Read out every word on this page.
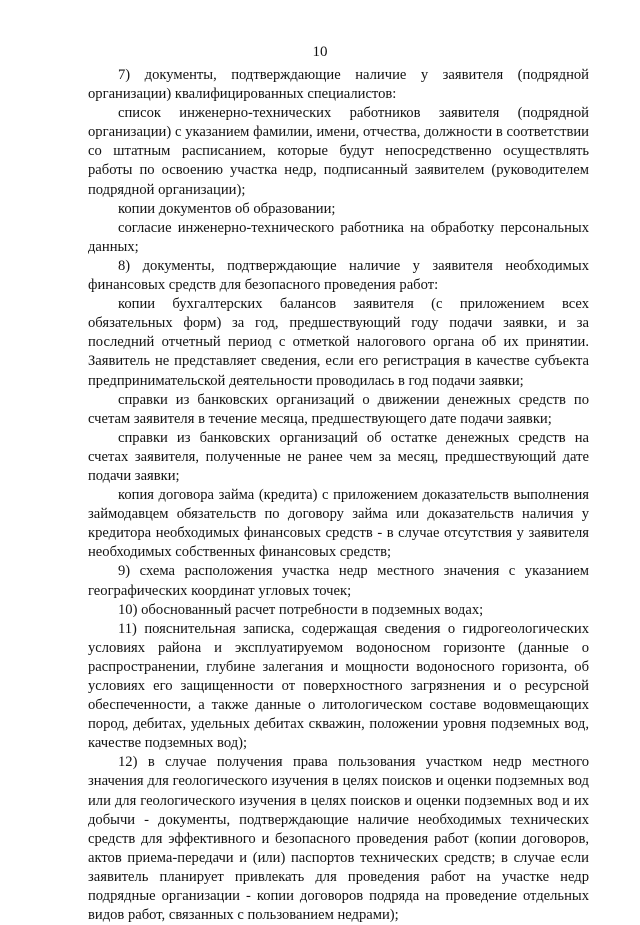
10

7) документы, подтверждающие наличие у заявителя (подрядной организации) квалифицированных специалистов:

список инженерно-технических работников заявителя (подрядной организации) с указанием фамилии, имени, отчества, должности в соответствии со штатным расписанием, которые будут непосредственно осуществлять работы по освоению участка недр, подписанный заявителем (руководителем подрядной организации);

копии документов об образовании;

согласие инженерно-технического работника на обработку персональных данных;

8) документы, подтверждающие наличие у заявителя необходимых финансовых средств для безопасного проведения работ:

копии бухгалтерских балансов заявителя (с приложением всех обязательных форм) за год, предшествующий году подачи заявки, и за последний отчетный период с отметкой налогового органа об их принятии. Заявитель не представляет сведения, если его регистрация в качестве субъекта предпринимательской деятельности проводилась в год подачи заявки;

справки из банковских организаций о движении денежных средств по счетам заявителя в течение месяца, предшествующего дате подачи заявки;

справки из банковских организаций об остатке денежных средств на счетах заявителя, полученные не ранее чем за месяц, предшествующий дате подачи заявки;

копия договора займа (кредита) с приложением доказательств выполнения займодавцем обязательств по договору займа или доказательств наличия у кредитора необходимых финансовых средств - в случае отсутствия у заявителя необходимых собственных финансовых средств;

9) схема расположения участка недр местного значения с указанием географических координат угловых точек;

10) обоснованный расчет потребности в подземных водах;

11) пояснительная записка, содержащая сведения о гидрогеологических условиях района и эксплуатируемом водоносном горизонте (данные о распространении, глубине залегания и мощности водоносного горизонта, об условиях его защищенности от поверхностного загрязнения и о ресурсной обеспеченности, а также данные о литологическом составе водовмещающих пород, дебитах, удельных дебитах скважин, положении уровня подземных вод, качестве подземных вод);

12) в случае получения права пользования участком недр местного значения для геологического изучения в целях поисков и оценки подземных вод или для геологического изучения в целях поисков и оценки подземных вод и их добычи - документы, подтверждающие наличие необходимых технических средств для эффективного и безопасного проведения работ (копии договоров, актов приема-передачи и (или) паспортов технических средств; в случае если заявитель планирует привлекать для проведения работ на участке недр подрядные организации - копии договоров подряда на проведение отдельных видов работ, связанных с пользованием недрами);
